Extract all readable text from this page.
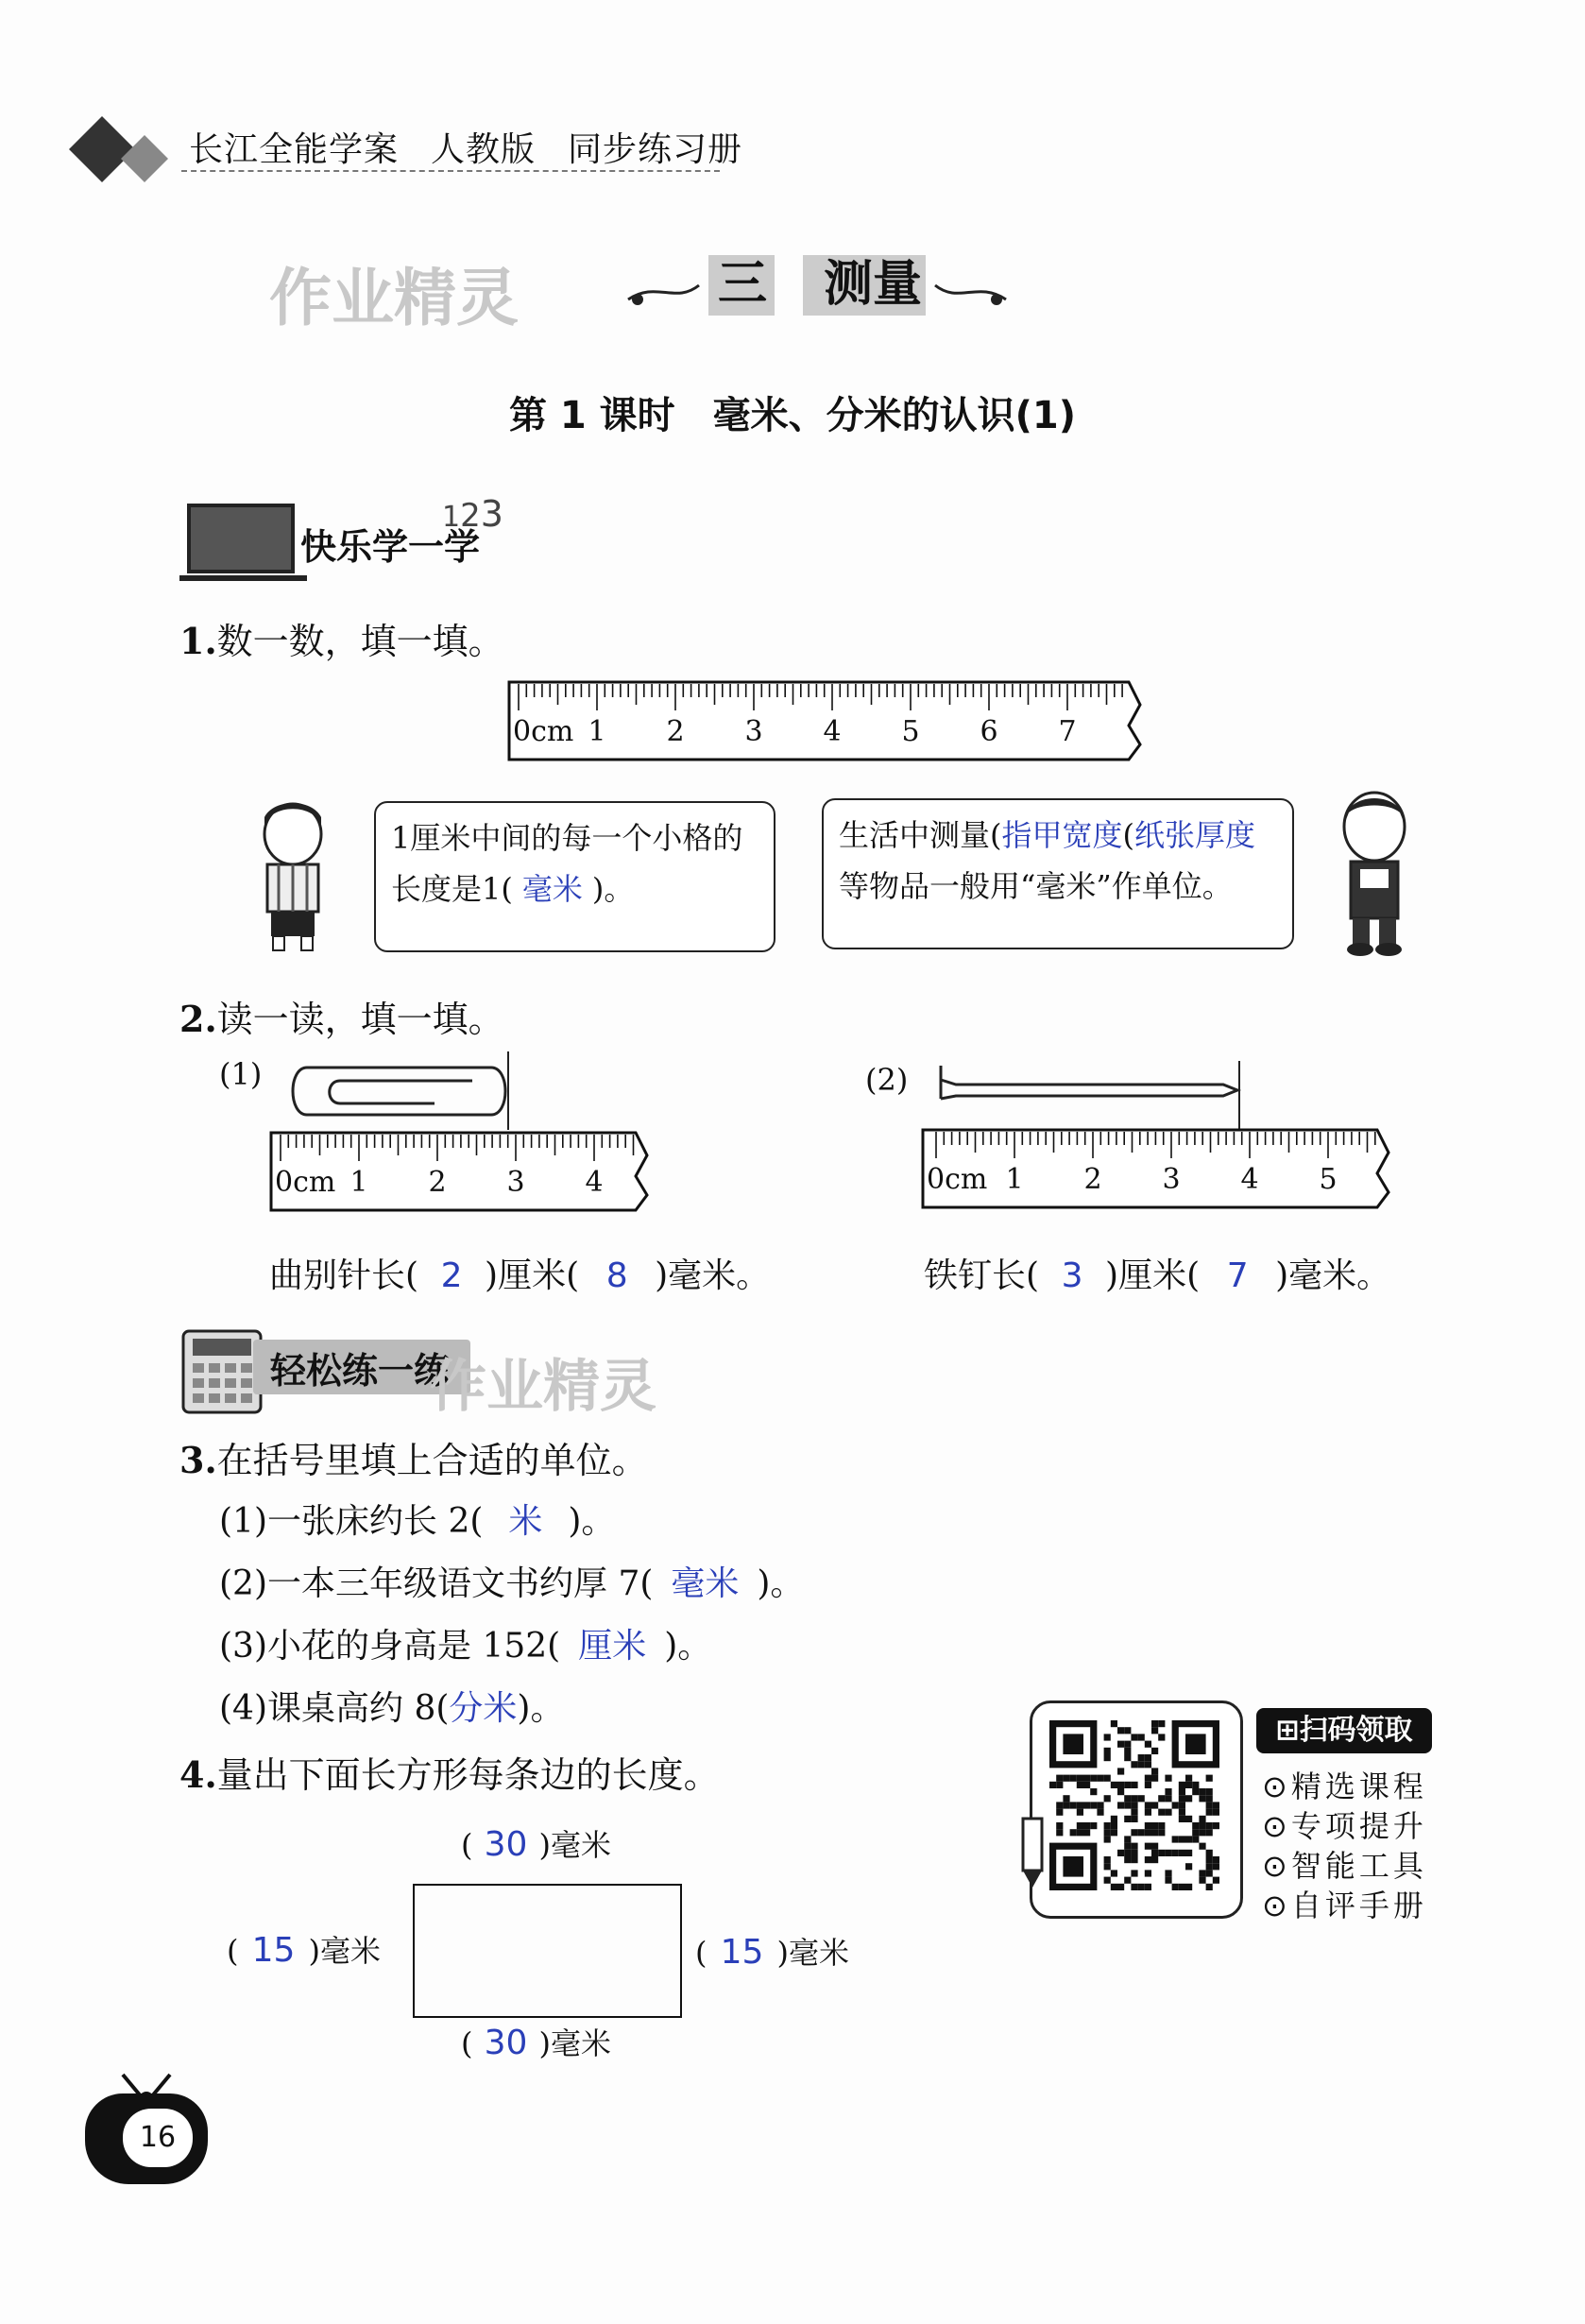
长江全能学案 人教版 同步练习册
作业精灵	三 测量
第 1 课时　毫米、分米的认识(1)
快乐学一学
123
1.数一数，填一填。
0cm 1 2 3 4 5 6 7
1厘米中间的每一个小格的
长度是1( 毫米 )。
生活中测量(指甲宽度(纸张厚度
等物品一般用“毫米”作单位。
2.读一读，填一填。
(1)
0cm 1 2 3 4
(2)
0cm 1 2 3 4 5
曲别针长( 2 )厘米( 8 )毫米。	铁钉长( 3 )厘米( 7 )毫米。
轻松练一练
作业精灵
3.在括号里填上合适的单位。
(1)一张床约长 2( 米 )。
(2)一本三年级语文书约厚 7( 毫米 )。
(3)小花的身高是 152( 厘米 )。
(4)课桌高约 8(分米)。
4.量出下面长方形每条边的长度。
( 30 )毫米
( 15 )毫米	( 15 )毫米
( 30 )毫米
⊞扫码领取
⊙精选课程
⊙专项提升
⊙智能工具
⊙自评手册
16
